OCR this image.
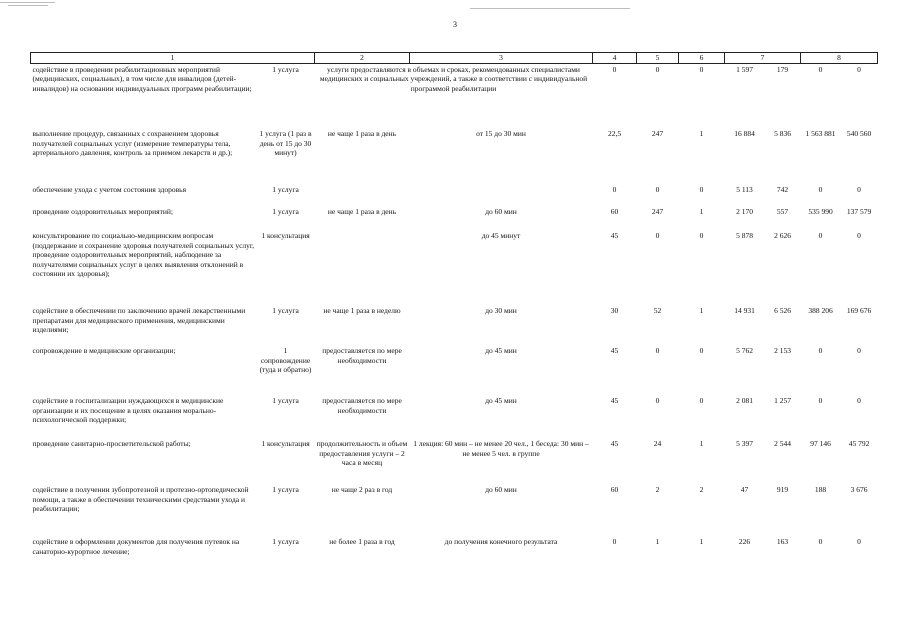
3
1		2	3	4	5	6	7		8	
содействие в проведении реабилитационных мероприятий (медицинских, социальных), в том числе для инвалидов (детей-инвалидов) на основании индивидуальных программ реабилитации;	1 услуга	услуги предоставляются в объемах и сроках, рекомендованных специалистами медицинских и социальных учреждений, а также в соответствии с индивидуальной программой реабилитации		0	0	0	1 597	179	0	0
выполнение процедур, связанных с сохранением здоровья получателей социальных услуг (измерение температуры тела, артериального давления, контроль за приемом лекарств и др.);	1 услуга (1 раз в день от 15 до 30 минут)	не чаще 1 раза в день	от 15 до 30 мин	22,5	247	1	16 884	5 836	1 563 881	540 560
обеспечение ухода с учетом состояния здоровья	1 услуга			0	0	0	5 113	742	0	0
проведение оздоровительных мероприятий;	1 услуга	не чаще 1 раза в день	до 60 мин	60	247	1	2 170	557	535 990	137 579
консультирование по социально-медицинским вопросам (поддержание и сохранение здоровья получателей социальных услуг, проведение оздоровительных мероприятий, наблюдение за получателями социальных услуг в целях выявления отклонений в состоянии их здоровья);	1 консультация		до 45 минут	45	0	0	5 878	2 626	0	0
содействие в обеспечении по заключению врачей лекарственными препаратами для медицинского применения, медицинскими изделиями;	1 услуга	не чаще 1 раза в неделю	до 30 мин	30	52	1	14 931	6 526	388 206	169 676
сопровождение в медицинские организации;	1 сопровождение (туда и обратно)	предоставляется по мере необходимости	до 45 мин	45	0	0	5 762	2 153	0	0
содействие в госпитализации нуждающихся в медицинские организации и их посещение в целях оказания морально-психологической поддержки;	1 услуга	предоставляется по мере необходимости	до 45 мин	45	0	0	2 081	1 257	0	0
проведение санитарно-просветительской работы;	1 консультация	продолжительность и объем предоставления услуги – 2 часа в месяц	1 лекция: 60 мин – не менее 20 чел., 1 беседа: 30 мин – не менее 5 чел. в группе	45	24	1	5 397	2 544	97 146	45 792
содействие в получении зубопротезной и протезно-ортопедической помощи, а также в обеспечении техническими средствами ухода и реабилитации;	1 услуга	не чаще 2 раз в год	до 60 мин	60	2	2	47	919	188	3 676
содействие в оформлении документов для получения путевок на санаторно-курортное лечение;	1 услуга	не более 1 раза в год	до получения конечного результата	0	1	1	226	163	0	0
